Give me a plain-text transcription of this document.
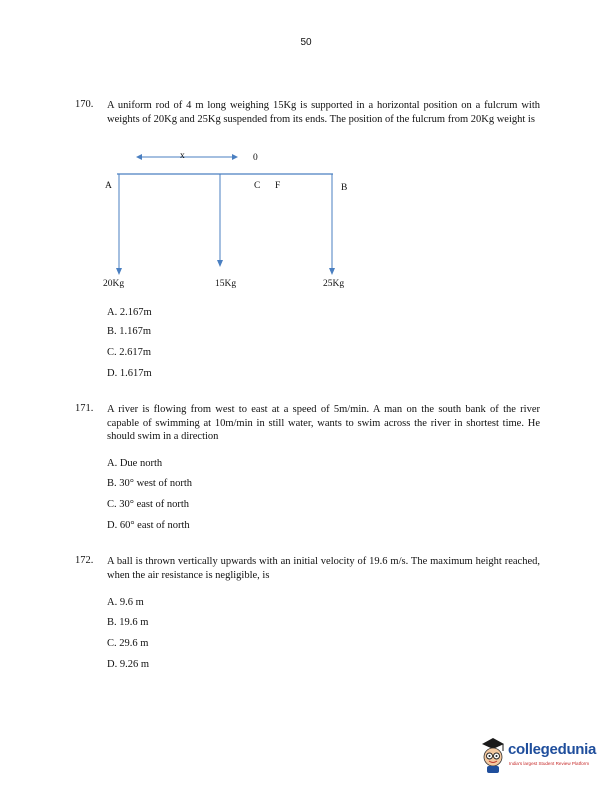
50
170. A uniform rod of 4 m long weighing 15Kg is supported in a horizontal position on a fulcrum with weights of 20Kg and 25Kg suspended from its ends. The position of the fulcrum from 20Kg weight is
x	0
A	C F	B
20Kg	15Kg	25Kg
A. 2.167m
B. 1.167m
C. 2.617m
D. 1.617m
171. A river is flowing from west to east at a speed of 5m/min. A man on the south bank of the river capable of swimming at 10m/min in still water, wants to swim across the river in shortest time. He should swim in a direction
A. Due north
B. 30° west of north
C. 30° east of north
D. 60° east of north
172. A ball is thrown vertically upwards with an initial velocity of 19.6 m/s. The maximum height reached, when the air resistance is negligible, is
A. 9.6 m
B. 19.6 m
C. 29.6 m
D. 9.26 m
collegedunia
India's largest Student Review Platform
